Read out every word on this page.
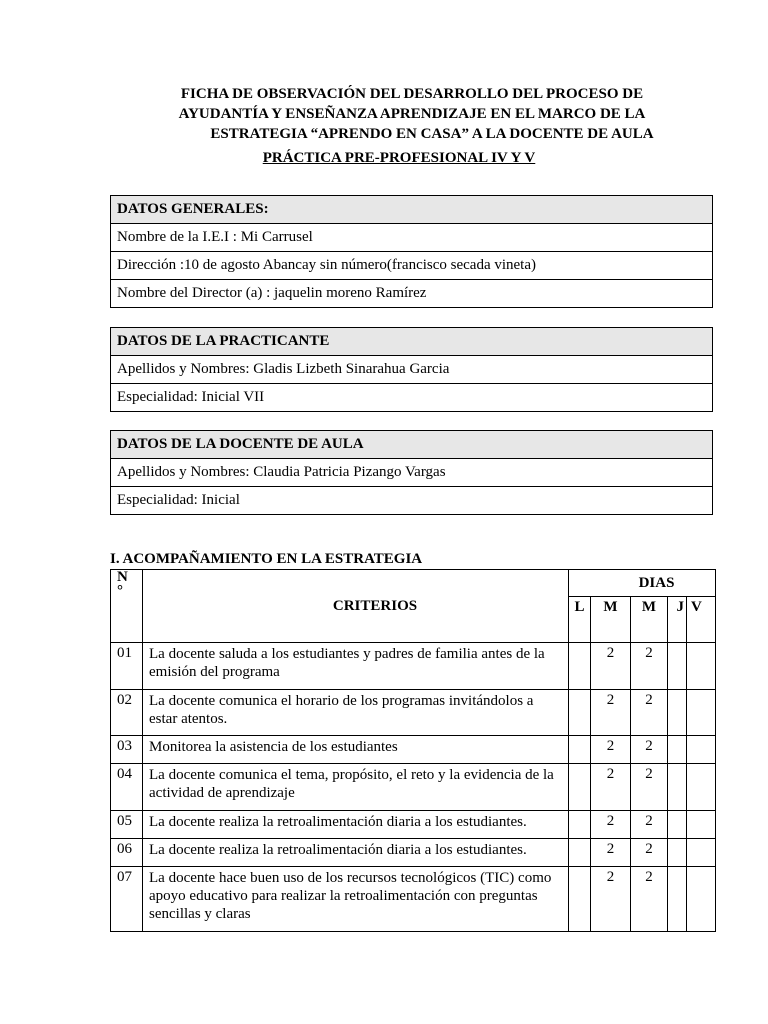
FICHA DE OBSERVACIÓN DEL DESARROLLO DEL PROCESO DE
AYUDANTÍA Y ENSEÑANZA APRENDIZAJE EN EL MARCO DE LA
ESTRATEGIA “APRENDO EN CASA” A LA DOCENTE DE AULA
PRÁCTICA PRE-PROFESIONAL IV Y V
DATOS GENERALES:
Nombre de la I.E.I : Mi Carrusel
Dirección :10 de agosto Abancay sin número(francisco secada vineta)
Nombre del Director (a) : jaquelin moreno Ramírez
DATOS DE LA PRACTICANTE
Apellidos y Nombres: Gladis Lizbeth Sinarahua Garcia
Especialidad: Inicial VII
DATOS DE LA DOCENTE DE AULA
Apellidos y Nombres: Claudia Patricia Pizango Vargas
Especialidad: Inicial
I. ACOMPAÑAMIENTO EN LA ESTRATEGIA
N
°	CRITERIOS	DIAS				
		L	M	M	J	V
01	La docente saluda a los estudiantes y padres de familia antes de la emisión del programa		2	2		
02	La docente comunica el horario de los programas invitándolos a estar atentos.		2	2		
03	Monitorea la asistencia de los estudiantes		2	2		
04	La docente comunica el tema, propósito, el reto y la evidencia de la actividad de aprendizaje		2	2		
05	La docente realiza la retroalimentación diaria a los estudiantes.		2	2		
06	La docente realiza la retroalimentación diaria a los estudiantes.		2	2		
07	La docente hace buen uso de los recursos tecnológicos (TIC) como apoyo educativo para realizar la retroalimentación con preguntas sencillas y claras		2	2		
